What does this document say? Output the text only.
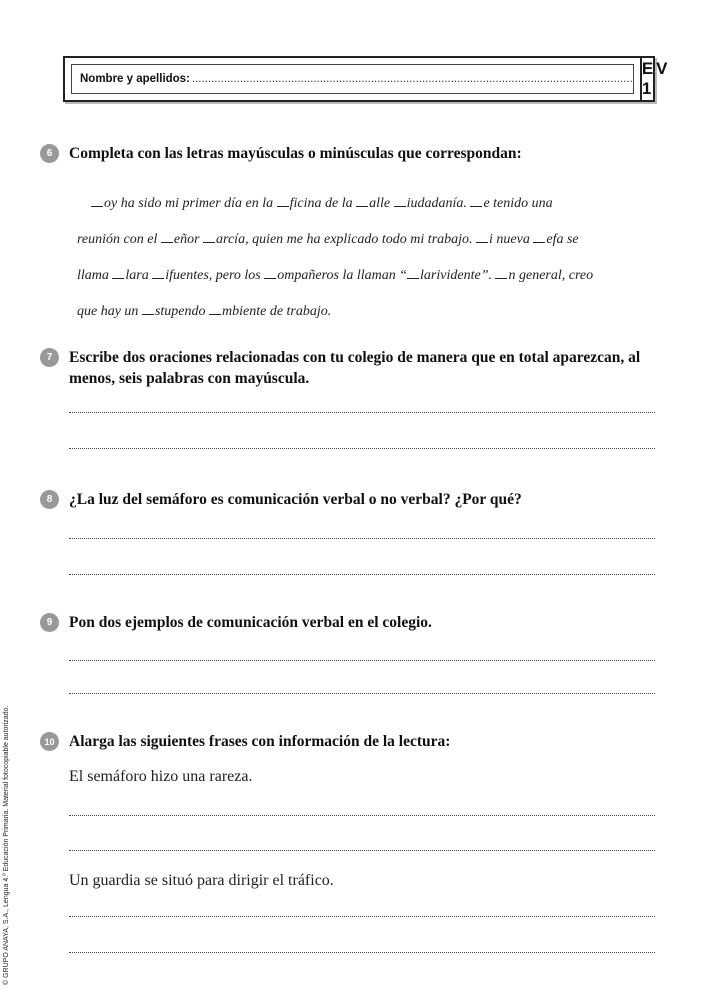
Nombre y apellidos: ..........................................................................................................................................
EV 1
6	Completa con las letras mayúsculas o minúsculas que correspondan:
oy ha sido mi primer día en la ficina de la alle iudadanía. e tenido una
reunión con el eñor arcía, quien me ha explicado todo mi trabajo. i nueva efa se
llama lara ifuentes, pero los ompañeros la llaman “ larividente”. n general, creo
que hay un stupendo mbiente de trabajo.
7	Escribe dos oraciones relacionadas con tu colegio de manera que en total aparezcan, al menos, seis palabras con mayúscula.
8	¿La luz del semáforo es comunicación verbal o no verbal? ¿Por qué?
9	Pon dos ejemplos de comunicación verbal en el colegio.
10 Alarga las siguientes frases con información de la lectura:
El semáforo hizo una rareza.
Un guardia se situó para dirigir el tráfico.
© GRUPO ANAYA, S.A., Lengua 4.º Educación Primaria. Material fotocopiable autorizado.
